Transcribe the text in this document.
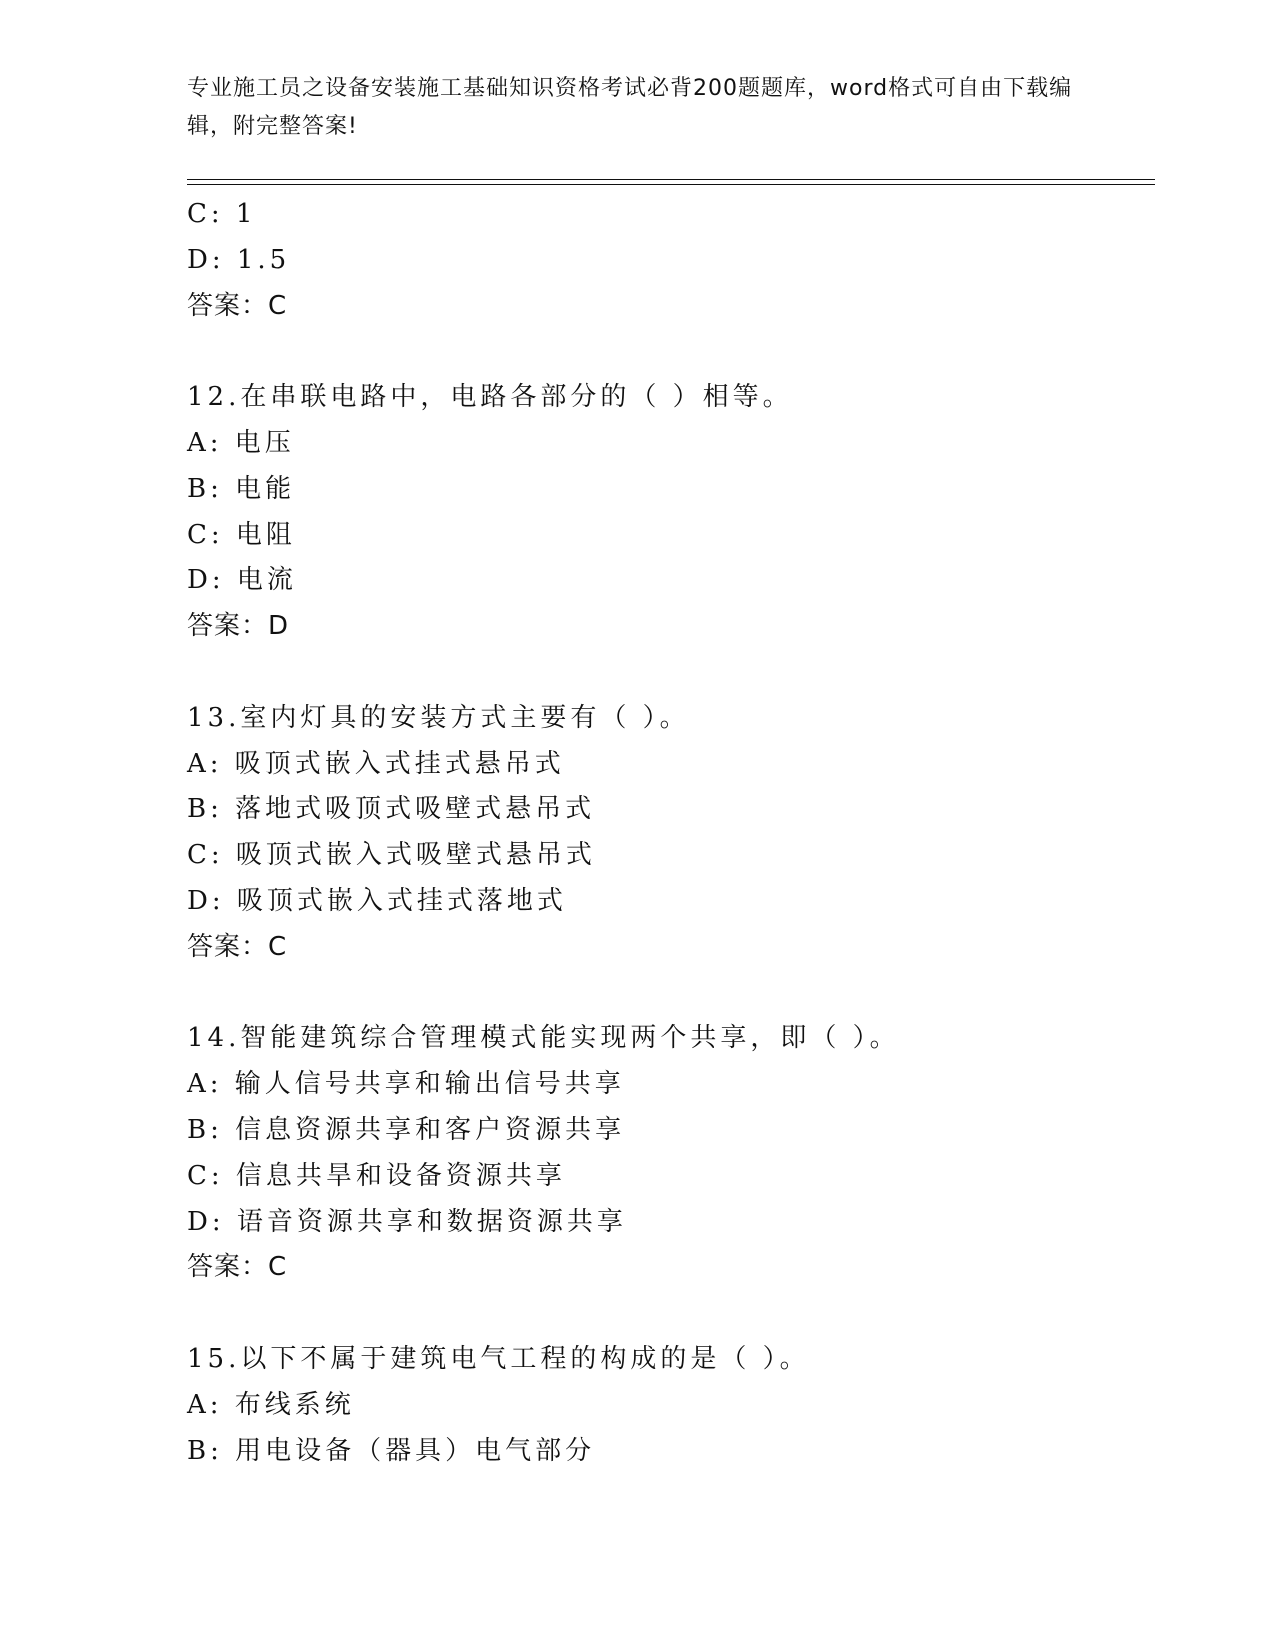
专业施工员之设备安装施工基础知识资格考试必背200题题库，word格式可自由下载编辑，附完整答案!
C: 1
D: 1.5
答案：C
12.在串联电路中，电路各部分的（ ）相等。
A: 电压
B: 电能
C: 电阻
D: 电流
答案：D
13.室内灯具的安装方式主要有（ ）。
A: 吸顶式嵌入式挂式悬吊式
B: 落地式吸顶式吸壁式悬吊式
C: 吸顶式嵌入式吸壁式悬吊式
D: 吸顶式嵌入式挂式落地式
答案：C
14.智能建筑综合管理模式能实现两个共享，即（ ）。
A: 输人信号共享和输出信号共享
B: 信息资源共享和客户资源共享
C: 信息共旱和设备资源共享
D: 语音资源共享和数据资源共享
答案：C
15.以下不属于建筑电气工程的构成的是（ ）。
A: 布线系统
B: 用电设备（器具）电气部分
